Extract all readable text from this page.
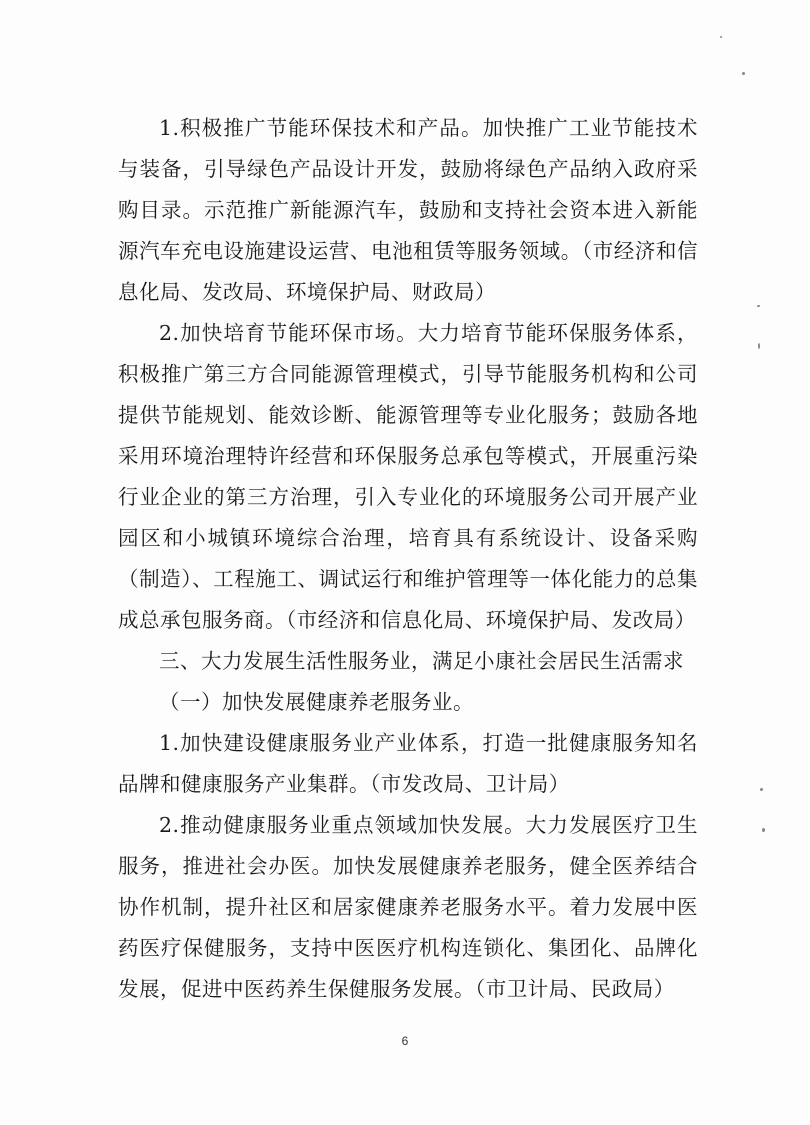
1.积极推广节能环保技术和产品。加快推广工业节能技术与装备，引导绿色产品设计开发，鼓励将绿色产品纳入政府采购目录。示范推广新能源汽车，鼓励和支持社会资本进入新能源汽车充电设施建设运营、电池租赁等服务领域。（市经济和信息化局、发改局、环境保护局、财政局）

2.加快培育节能环保市场。大力培育节能环保服务体系，积极推广第三方合同能源管理模式，引导节能服务机构和公司提供节能规划、能效诊断、能源管理等专业化服务；鼓励各地采用环境治理特许经营和环保服务总承包等模式，开展重污染行业企业的第三方治理，引入专业化的环境服务公司开展产业园区和小城镇环境综合治理，培育具有系统设计、设备采购（制造）、工程施工、调试运行和维护管理等一体化能力的总集成总承包服务商。（市经济和信息化局、环境保护局、发改局）

三、大力发展生活性服务业，满足小康社会居民生活需求

（一）加快发展健康养老服务业。

1.加快建设健康服务业产业体系，打造一批健康服务知名品牌和健康服务产业集群。（市发改局、卫计局）

2.推动健康服务业重点领域加快发展。大力发展医疗卫生服务，推进社会办医。加快发展健康养老服务，健全医养结合协作机制，提升社区和居家健康养老服务水平。着力发展中医药医疗保健服务，支持中医医疗机构连锁化、集团化、品牌化发展，促进中医药养生保健服务发展。（市卫计局、民政局）

6
